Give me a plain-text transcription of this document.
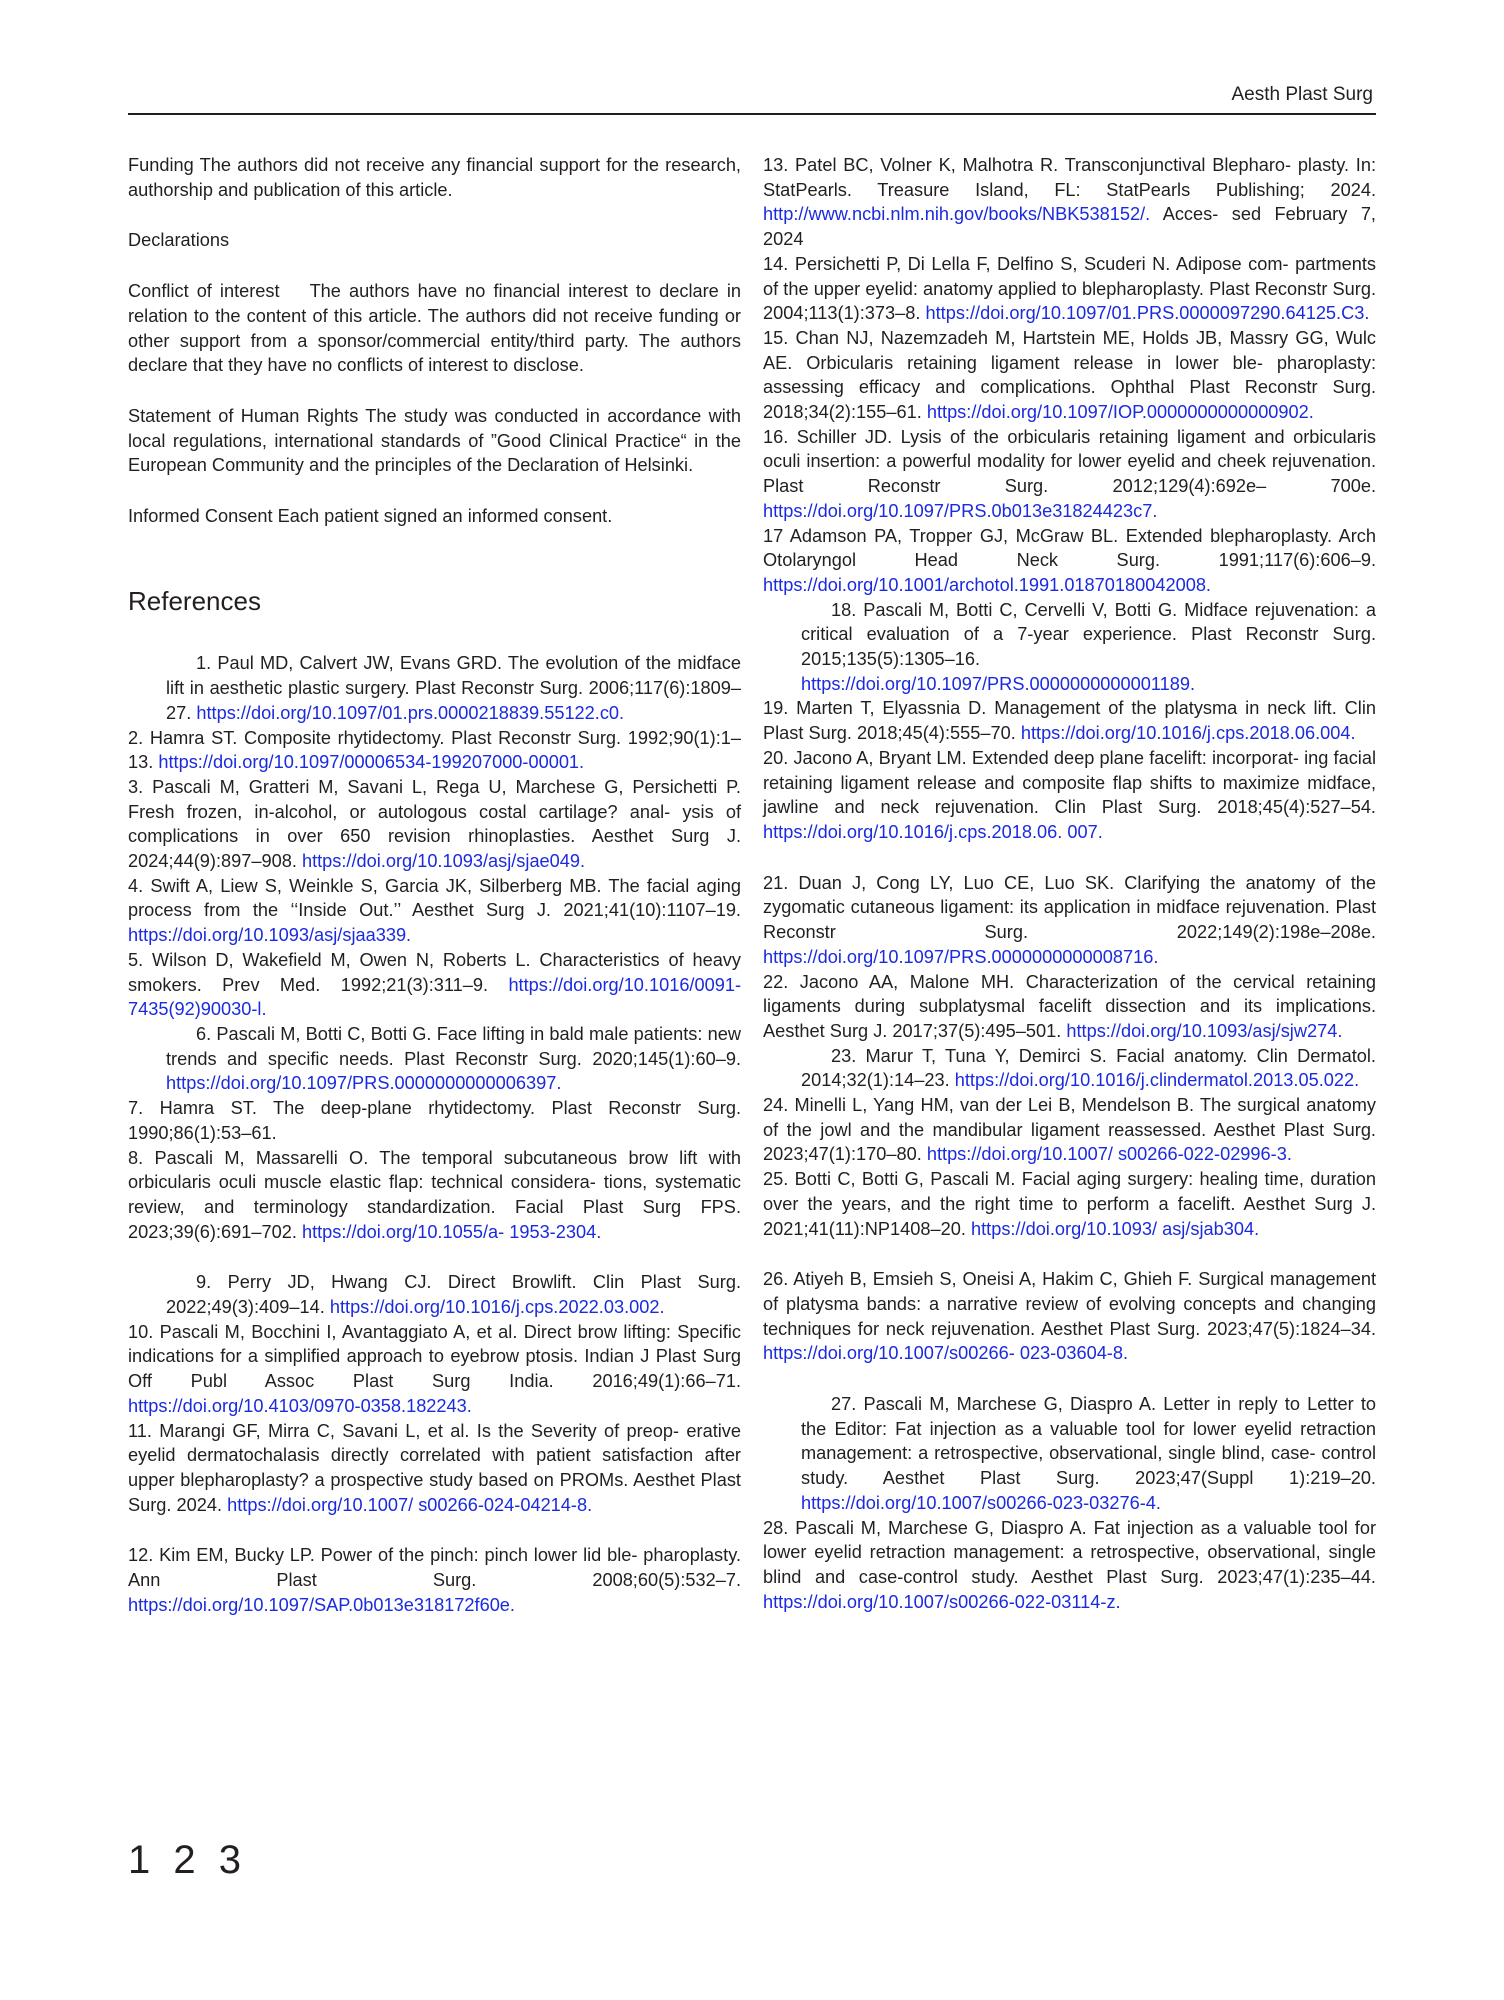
Aesth Plast Surg

Funding The authors did not receive any financial support for the research, authorship and publication of this article.

Declarations

Conflict of interest The authors have no financial interest to declare in relation to the content of this article. The authors did not receive funding or other support from a sponsor/commercial entity/third party. The authors declare that they have no conflicts of interest to disclose.

Statement of Human Rights The study was conducted in accordance with local regulations, international standards of ”Good Clinical Practice“ in the European Community and the principles of the Declaration of Helsinki.

Informed Consent Each patient signed an informed consent.

References

1. Paul MD, Calvert JW, Evans GRD. The evolution of the midface lift in aesthetic plastic surgery. Plast Reconstr Surg. 2006;117(6):1809–27. https://doi.org/10.1097/01.prs.0000218839.55122.c0.

2. Hamra ST. Composite rhytidectomy. Plast Reconstr Surg. 1992;90(1):1–13. https://doi.org/10.1097/00006534-199207000-00001.

3. Pascali M, Gratteri M, Savani L, Rega U, Marchese G, Persichetti P. Fresh frozen, in-alcohol, or autologous costal cartilage? anal- ysis of complications in over 650 revision rhinoplasties. Aesthet Surg J. 2024;44(9):897–908. https://doi.org/10.1093/asj/sjae049.

4. Swift A, Liew S, Weinkle S, Garcia JK, Silberberg MB. The facial aging process from the ‘‘Inside Out.’’ Aesthet Surg J. 2021;41(10):1107–19. https://doi.org/10.1093/asj/sjaa339.

5. Wilson D, Wakefield M, Owen N, Roberts L. Characteristics of heavy smokers. Prev Med. 1992;21(3):311–9. https://doi.org/10.1016/0091-7435(92)90030-l.

6. Pascali M, Botti C, Botti G. Face lifting in bald male patients: new trends and specific needs. Plast Reconstr Surg. 2020;145(1):60–9. https://doi.org/10.1097/PRS.0000000000006397.

7. Hamra ST. The deep-plane rhytidectomy. Plast Reconstr Surg. 1990;86(1):53–61.

8. Pascali M, Massarelli O. The temporal subcutaneous brow lift with orbicularis oculi muscle elastic flap: technical considera- tions, systematic review, and terminology standardization. Facial Plast Surg FPS. 2023;39(6):691–702. https://doi.org/10.1055/a- 1953-2304.

9. Perry JD, Hwang CJ. Direct Browlift. Clin Plast Surg. 2022;49(3):409–14. https://doi.org/10.1016/j.cps.2022.03.002.

10. Pascali M, Bocchini I, Avantaggiato A, et al. Direct brow lifting: Specific indications for a simplified approach to eyebrow ptosis. Indian J Plast Surg Off Publ Assoc Plast Surg India. 2016;49(1):66–71. https://doi.org/10.4103/0970-0358.182243.

11. Marangi GF, Mirra C, Savani L, et al. Is the Severity of preop- erative eyelid dermatochalasis directly correlated with patient satisfaction after upper blepharoplasty? a prospective study based on PROMs. Aesthet Plast Surg. 2024. https://doi.org/10.1007/ s00266-024-04214-8.

12. Kim EM, Bucky LP. Power of the pinch: pinch lower lid ble- pharoplasty. Ann Plast Surg. 2008;60(5):532–7. https://doi.org/10.1097/SAP.0b013e318172f60e.

13. Patel BC, Volner K, Malhotra R. Transconjunctival Blepharo- plasty. In: StatPearls. Treasure Island, FL: StatPearls Publishing; 2024. http://www.ncbi.nlm.nih.gov/books/NBK538152/. Acces- sed February 7, 2024

14. Persichetti P, Di Lella F, Delfino S, Scuderi N. Adipose com- partments of the upper eyelid: anatomy applied to blepharoplasty. Plast Reconstr Surg. 2004;113(1):373–8. https://doi.org/10.1097/01.PRS.0000097290.64125.C3.

15. Chan NJ, Nazemzadeh M, Hartstein ME, Holds JB, Massry GG, Wulc AE. Orbicularis retaining ligament release in lower ble- pharoplasty: assessing efficacy and complications. Ophthal Plast Reconstr Surg. 2018;34(2):155–61. https://doi.org/10.1097/IOP.0000000000000902.

16. Schiller JD. Lysis of the orbicularis retaining ligament and orbicularis oculi insertion: a powerful modality for lower eyelid and cheek rejuvenation. Plast Reconstr Surg. 2012;129(4):692e– 700e. https://doi.org/10.1097/PRS.0b013e31824423c7.

17 Adamson PA, Tropper GJ, McGraw BL. Extended blepharoplasty. Arch Otolaryngol Head Neck Surg. 1991;117(6):606–9. https://doi.org/10.1001/archotol.1991.01870180042008.

18. Pascali M, Botti C, Cervelli V, Botti G. Midface rejuvenation: a critical evaluation of a 7-year experience. Plast Reconstr Surg. 2015;135(5):1305–16. https://doi.org/10.1097/PRS.0000000000001189.

19. Marten T, Elyassnia D. Management of the platysma in neck lift. Clin Plast Surg. 2018;45(4):555–70. https://doi.org/10.1016/j.cps.2018.06.004.

20. Jacono A, Bryant LM. Extended deep plane facelift: incorporat- ing facial retaining ligament release and composite flap shifts to maximize midface, jawline and neck rejuvenation. Clin Plast Surg. 2018;45(4):527–54. https://doi.org/10.1016/j.cps.2018.06. 007.

21. Duan J, Cong LY, Luo CE, Luo SK. Clarifying the anatomy of the zygomatic cutaneous ligament: its application in midface rejuvenation. Plast Reconstr Surg. 2022;149(2):198e–208e. https://doi.org/10.1097/PRS.0000000000008716.

22. Jacono AA, Malone MH. Characterization of the cervical retaining ligaments during subplatysmal facelift dissection and its implications. Aesthet Surg J. 2017;37(5):495–501. https://doi.org/10.1093/asj/sjw274.

23. Marur T, Tuna Y, Demirci S. Facial anatomy. Clin Dermatol. 2014;32(1):14–23. https://doi.org/10.1016/j.clindermatol.2013.05.022.

24. Minelli L, Yang HM, van der Lei B, Mendelson B. The surgical anatomy of the jowl and the mandibular ligament reassessed. Aesthet Plast Surg. 2023;47(1):170–80. https://doi.org/10.1007/ s00266-022-02996-3.

25. Botti C, Botti G, Pascali M. Facial aging surgery: healing time, duration over the years, and the right time to perform a facelift. Aesthet Surg J. 2021;41(11):NP1408–20. https://doi.org/10.1093/ asj/sjab304.

26. Atiyeh B, Emsieh S, Oneisi A, Hakim C, Ghieh F. Surgical management of platysma bands: a narrative review of evolving concepts and changing techniques for neck rejuvenation. Aesthet Plast Surg. 2023;47(5):1824–34. https://doi.org/10.1007/s00266- 023-03604-8.

27. Pascali M, Marchese G, Diaspro A. Letter in reply to Letter to the Editor: Fat injection as a valuable tool for lower eyelid retraction management: a retrospective, observational, single blind, case- control study. Aesthet Plast Surg. 2023;47(Suppl 1):219–20. https://doi.org/10.1007/s00266-023-03276-4.

28. Pascali M, Marchese G, Diaspro A. Fat injection as a valuable tool for lower eyelid retraction management: a retrospective, observational, single blind and case-control study. Aesthet Plast Surg. 2023;47(1):235–44. https://doi.org/10.1007/s00266-022-03114-z.

1 2 3
